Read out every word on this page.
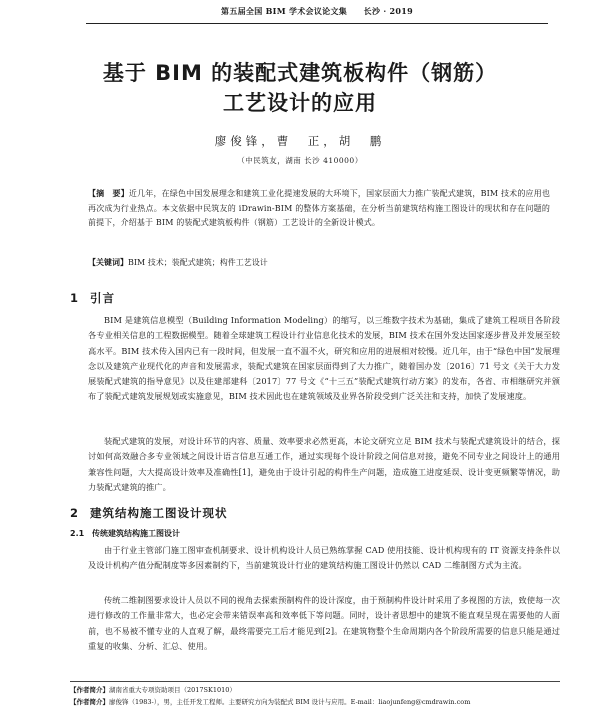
第五届全国 BIM 学术会议论文集　　长沙 · 2019
基于 BIM 的装配式建筑板构件（钢筋）
工艺设计的应用
廖俊锋，曹　正，胡　鹏
（中民筑友，湖南 长沙 410000）
【摘　要】近几年，在绿色中国发展理念和建筑工业化提速发展的大环境下，国家层面大力推广装配式建筑，BIM 技术的应用也再次成为行业热点。本文依据中民筑友的 iDrawin-BIM 的整体方案基础，在分析当前建筑结构施工图设计的现状和存在问题的前提下，介绍基于 BIM 的装配式建筑板构件（钢筋）工艺设计的全新设计模式。
【关键词】BIM 技术；装配式建筑；构件工艺设计
1 引言
BIM 是建筑信息模型（Building Information Modeling）的缩写，以三维数字技术为基础，集成了建筑工程项目各阶段各专业相关信息的工程数据模型。随着全球建筑工程设计行业信息化技术的发展，BIM 技术在国外发达国家逐步普及并发展至较高水平。BIM 技术传入国内已有一段时间，但发展一直不温不火，研究和应用的进展相对较慢。近几年，由于“绿色中国”发展理念以及建筑产业现代化的声音和发展需求，装配式建筑在国家层面得到了大力推广，随着国办发〔2016〕71 号文《关于大力发展装配式建筑的指导意见》以及住建部建科〔2017〕77 号文《“十三五”装配式建筑行动方案》的发布，各省、市相继研究并颁布了装配式建筑发展规划或实施意见，BIM 技术因此也在建筑领域及业界各阶段受到广泛关注和支持，加快了发展速度。
装配式建筑的发展，对设计环节的内容、质量、效率要求必然更高，本论文研究立足 BIM 技术与装配式建筑设计的结合，探讨如何高效融合多专业领域之间设计语言信息互通工作，通过实现每个设计阶段之间信息对接，避免不同专业之间设计上的通用兼容性问题，大大提高设计效率及准确性[1]，避免由于设计引起的构件生产问题，造成施工进度延误、设计变更频繁等情况，助力装配式建筑的推广。
2 建筑结构施工图设计现状
2.1 传统建筑结构施工图设计
由于行业主管部门施工图审查机制要求、设计机构设计人员已熟练掌握 CAD 使用技能、设计机构现有的 IT 资源支持条件以及设计机构产值分配制度等多因素制约下，当前建筑设计行业的建筑结构施工图设计仍然以 CAD 二维制图方式为主流。
传统二维制图要求设计人员以不同的视角去探索预制构件的设计深度，由于预制构件设计时采用了多视图的方法，致使每一次进行修改的工作量非常大，也必定会带来错误率高和效率低下等问题。同时，设计者思想中的建筑不能直观呈现在需要他的人面前，也不易被不懂专业的人直观了解，最终需要完工后才能见到[2]。在建筑物整个生命周期内各个阶段所需要的信息只能是通过重复的收集、分析、汇总、使用。
【作者简介】湖南省重大专项资助项目（2017SK1010）
【作者简介】廖俊锋（1983-），男，主任开发工程师。主要研究方向为装配式 BIM 设计与应用。E-mail：liaojunfeng@cmdrawin.com
